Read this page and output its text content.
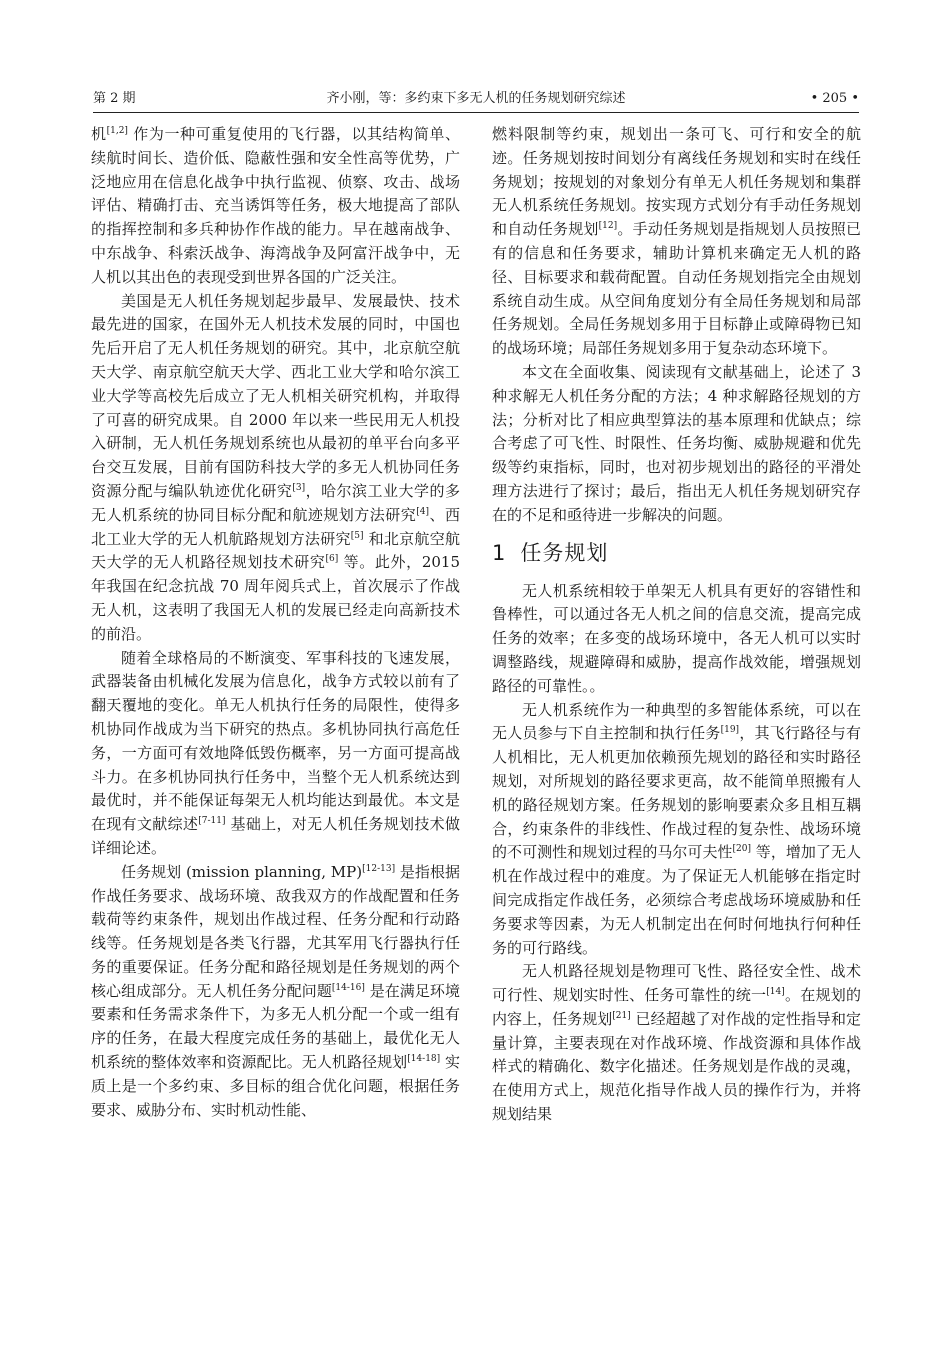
第 2 期	齐小刚，等：多约束下多无人机的任务规划研究综述	• 205 •

机[1,2] 作为一种可重复使用的飞行器，以其结构简单、续航时间长、造价低、隐蔽性强和安全性高等优势，广泛地应用在信息化战争中执行监视、侦察、攻击、战场评估、精确打击、充当诱饵等任务，极大地提高了部队的指挥控制和多兵种协作作战的能力。早在越南战争、中东战争、科索沃战争、海湾战争及阿富汗战争中，无人机以其出色的表现受到世界各国的广泛关注。

美国是无人机任务规划起步最早、发展最快、技术最先进的国家，在国外无人机技术发展的同时，中国也先后开启了无人机任务规划的研究。其中，北京航空航天大学、南京航空航天大学、西北工业大学和哈尔滨工业大学等高校先后成立了无人机相关研究机构，并取得了可喜的研究成果。自 2000 年以来一些民用无人机投入研制，无人机任务规划系统也从最初的单平台向多平台交互发展，目前有国防科技大学的多无人机协同任务资源分配与编队轨迹优化研究[3]，哈尔滨工业大学的多无人机系统的协同目标分配和航迹规划方法研究[4]、西北工业大学的无人机航路规划方法研究[5] 和北京航空航天大学的无人机路径规划技术研究[6] 等。此外，2015 年我国在纪念抗战 70 周年阅兵式上，首次展示了作战无人机，这表明了我国无人机的发展已经走向高新技术的前沿。

随着全球格局的不断演变、军事科技的飞速发展，武器装备由机械化发展为信息化，战争方式较以前有了翻天覆地的变化。单无人机执行任务的局限性，使得多机协同作战成为当下研究的热点。多机协同执行高危任务，一方面可有效地降低毁伤概率，另一方面可提高战斗力。在多机协同执行任务中，当整个无人机系统达到最优时，并不能保证每架无人机均能达到最优。本文是在现有文献综述[7-11] 基础上，对无人机任务规划技术做详细论述。

任务规划 (mission planning, MP)[12-13] 是指根据作战任务要求、战场环境、敌我双方的作战配置和任务载荷等约束条件，规划出作战过程、任务分配和行动路线等。任务规划是各类飞行器，尤其军用飞行器执行任务的重要保证。任务分配和路径规划是任务规划的两个核心组成部分。无人机任务分配问题[14-16] 是在满足环境要素和任务需求条件下，为多无人机分配一个或一组有序的任务，在最大程度完成任务的基础上，最优化无人机系统的整体效率和资源配比。无人机路径规划[14-18] 实质上是一个多约束、多目标的组合优化问题，根据任务要求、威胁分布、实时机动性能、

燃料限制等约束，规划出一条可飞、可行和安全的航迹。任务规划按时间划分有离线任务规划和实时在线任务规划；按规划的对象划分有单无人机任务规划和集群无人机系统任务规划。按实现方式划分有手动任务规划和自动任务规划[12]。手动任务规划是指规划人员按照已有的信息和任务要求，辅助计算机来确定无人机的路径、目标要求和载荷配置。自动任务规划指完全由规划系统自动生成。从空间角度划分有全局任务规划和局部任务规划。全局任务规划多用于目标静止或障碍物已知的战场环境；局部任务规划多用于复杂动态环境下。

本文在全面收集、阅读现有文献基础上，论述了 3 种求解无人机任务分配的方法；4 种求解路径规划的方法；分析对比了相应典型算法的基本原理和优缺点；综合考虑了可飞性、时限性、任务均衡、威胁规避和优先级等约束指标，同时，也对初步规划出的路径的平滑处理方法进行了探讨；最后，指出无人机任务规划研究存在的不足和亟待进一步解决的问题。

1 任务规划

无人机系统相较于单架无人机具有更好的容错性和鲁棒性，可以通过各无人机之间的信息交流，提高完成任务的效率；在多变的战场环境中，各无人机可以实时调整路线，规避障碍和威胁，提高作战效能，增强规划路径的可靠性。。

无人机系统作为一种典型的多智能体系统，可以在无人员参与下自主控制和执行任务[19]，其飞行路径与有人机相比，无人机更加依赖预先规划的路径和实时路径规划，对所规划的路径要求更高，故不能简单照搬有人机的路径规划方案。任务规划的影响要素众多且相互耦合，约束条件的非线性、作战过程的复杂性、战场环境的不可测性和规划过程的马尔可夫性[20] 等，增加了无人机在作战过程中的难度。为了保证无人机能够在指定时间完成指定作战任务，必须综合考虑战场环境威胁和任务要求等因素，为无人机制定出在何时何地执行何种任务的可行路线。

无人机路径规划是物理可飞性、路径安全性、战术可行性、规划实时性、任务可靠性的统一[14]。在规划的内容上，任务规划[21] 已经超越了对作战的定性指导和定量计算，主要表现在对作战环境、作战资源和具体作战样式的精确化、数字化描述。任务规划是作战的灵魂，在使用方式上，规范化指导作战人员的操作行为，并将规划结果
